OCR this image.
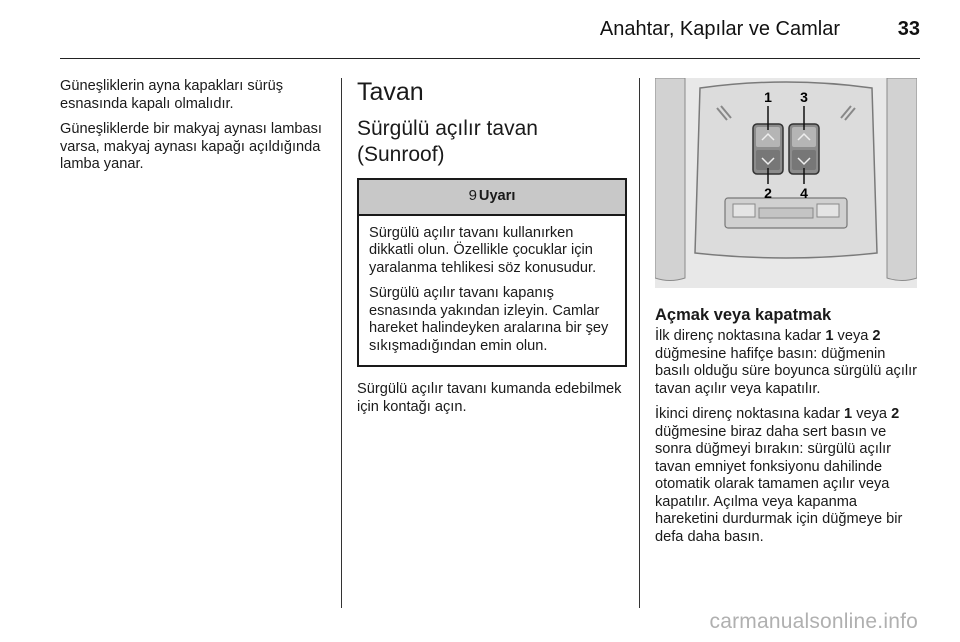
Anahtar, Kapılar ve Camlar	33

Güneşliklerin ayna kapakları sürüş esnasında kapalı olmalıdır.

Güneşliklerde bir makyaj aynası lambası varsa, makyaj aynası kapağı açıldığında lamba yanar.

Tavan
Sürgülü açılır tavan (Sunroof)
9 Uyarı

Sürgülü açılır tavanı kullanırken dikkatli olun. Özellikle çocuklar için yaralanma tehlikesi söz konusudur.

Sürgülü açılır tavanı kapanış esnasında yakından izleyin. Camlar hareket halindeyken aralarına bir şey sıkışmadığından emin olun.

Sürgülü açılır tavanı kumanda edebilmek için kontağı açın.

1 3
2 4
Açmak veya kapatmak

İlk direnç noktasına kadar 1 veya 2 düğmesine hafifçe basın: düğmenin basılı olduğu süre boyunca sürgülü açılır tavan açılır veya kapatılır.

İkinci direnç noktasına kadar 1 veya 2 düğmesine biraz daha sert basın ve sonra düğmeyi bırakın: sürgülü açılır tavan emniyet fonksiyonu dahilinde otomatik olarak tamamen açılır veya kapatılır. Açılma veya kapanma hareketini durdurmak için düğmeye bir defa daha basın.

carmanualsonline.info
